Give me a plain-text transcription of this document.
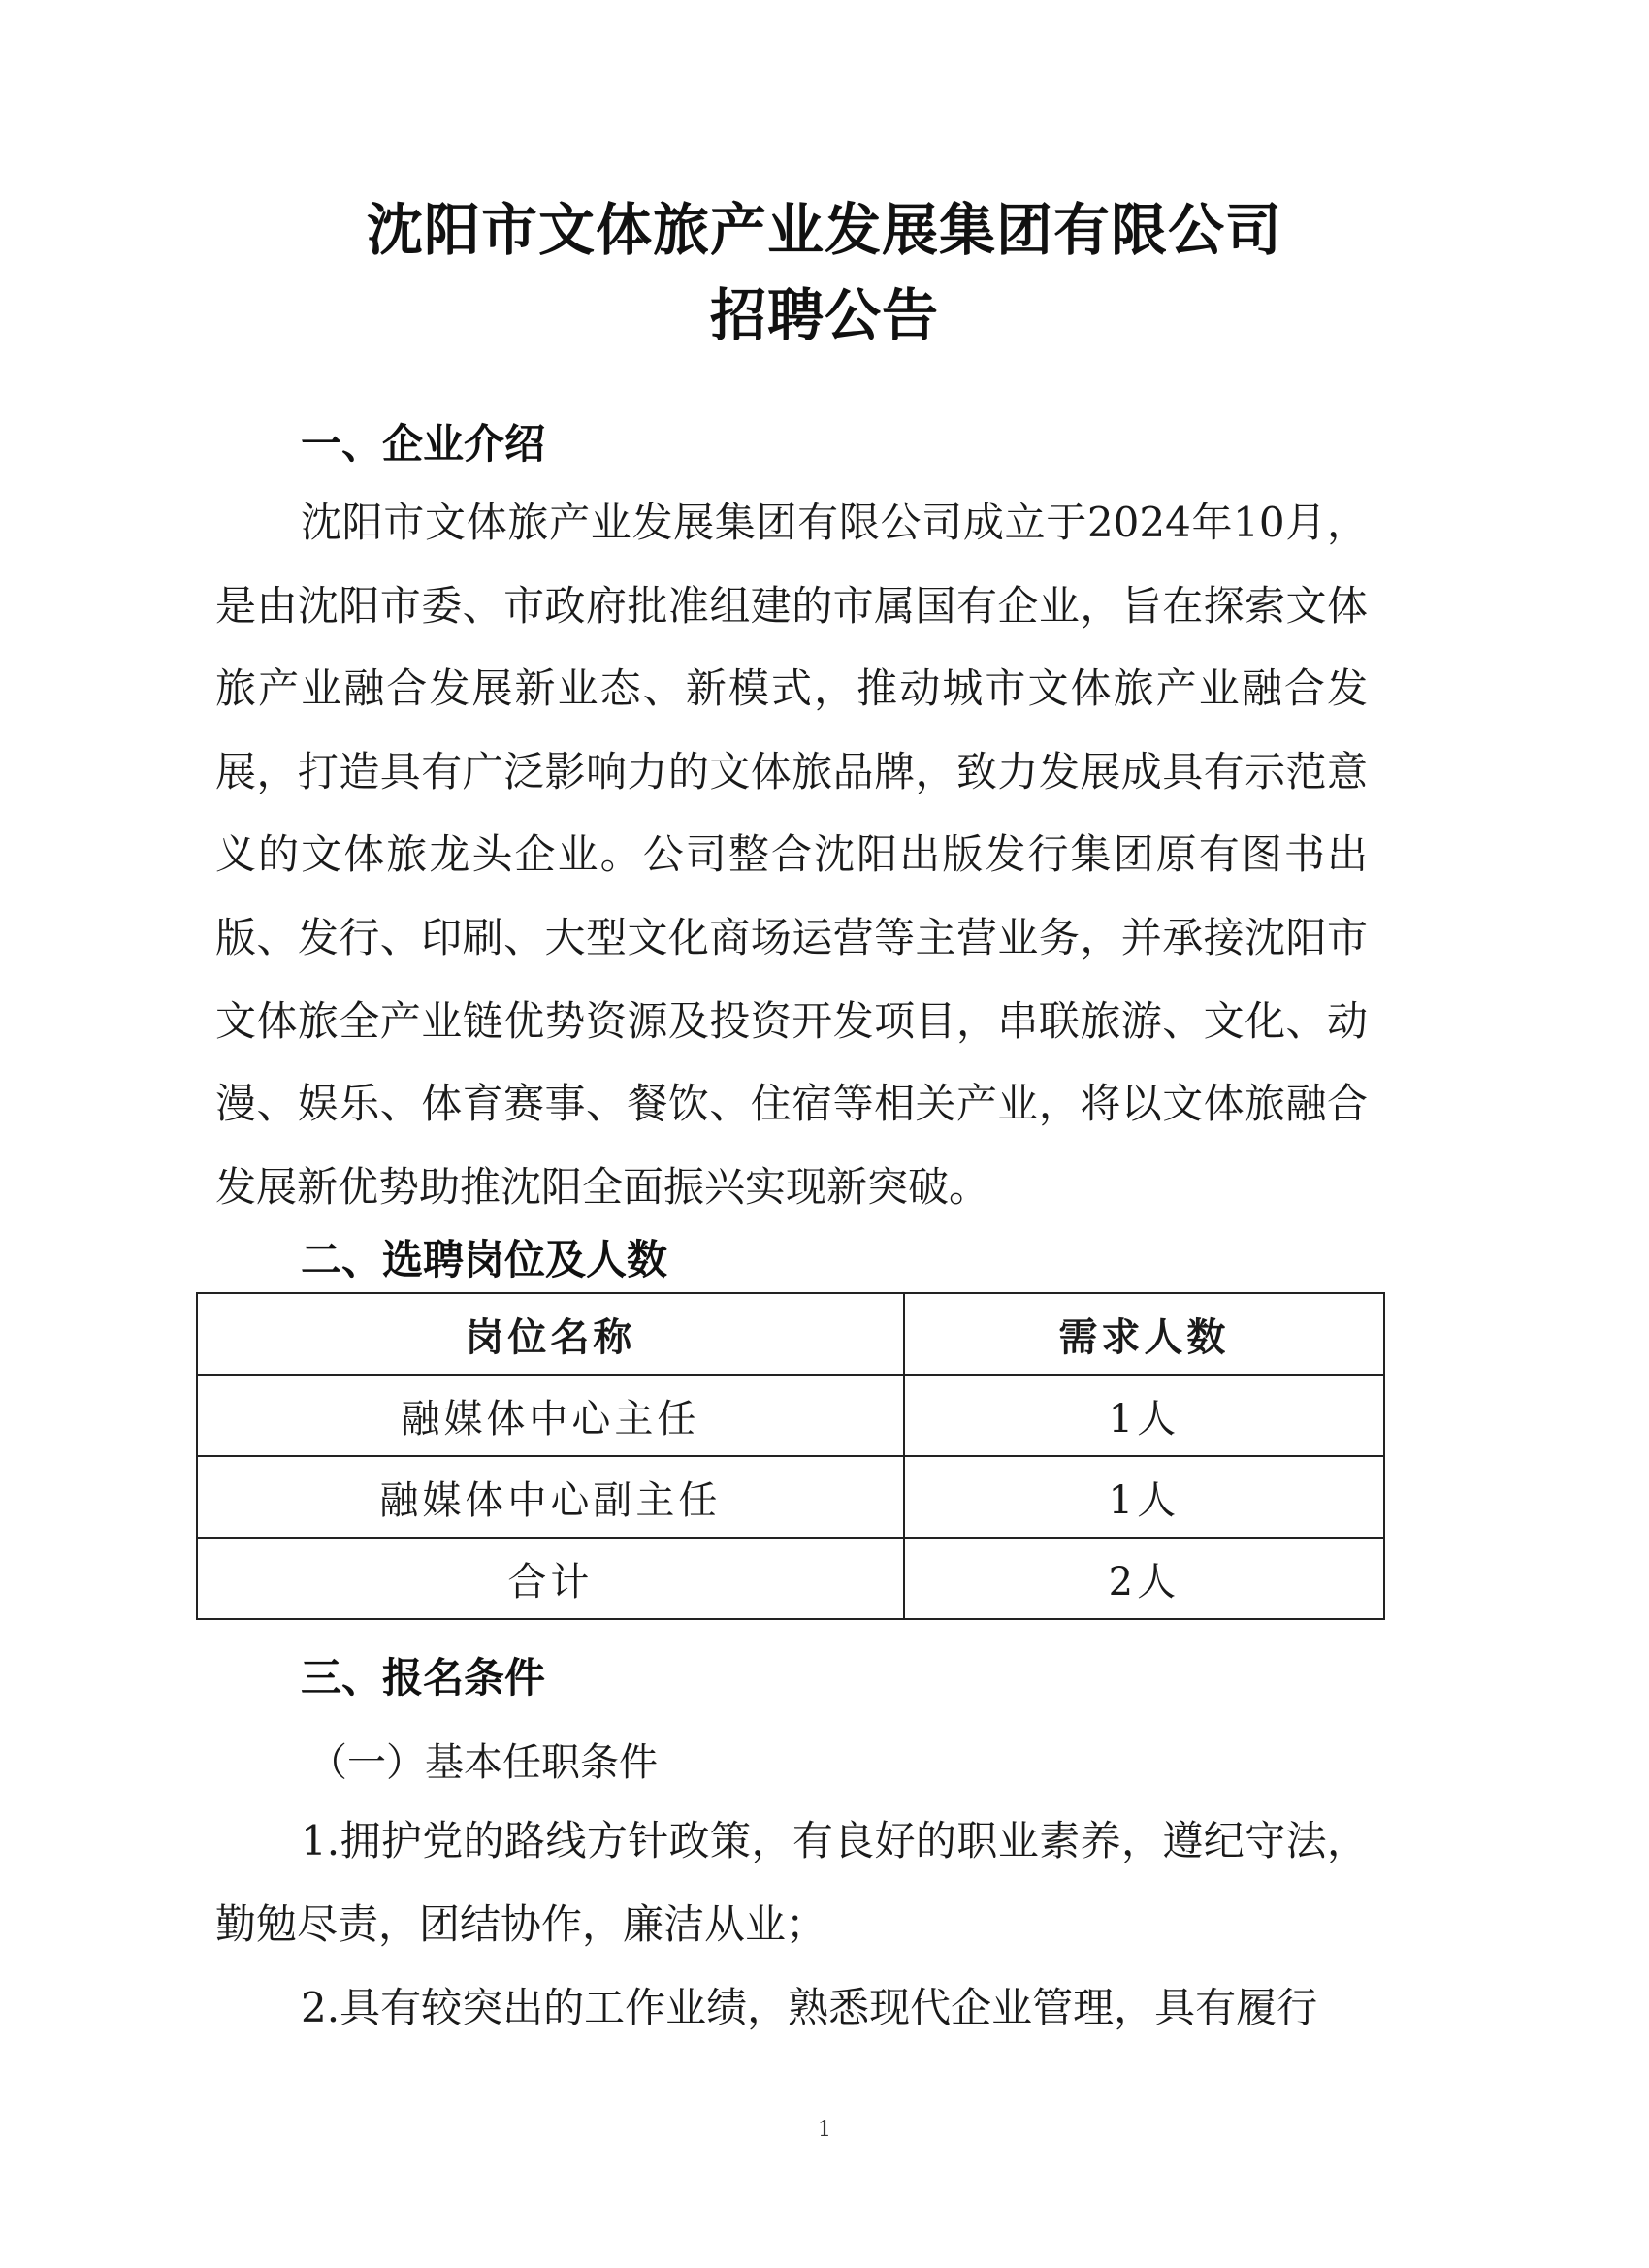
沈阳市文体旅产业发展集团有限公司
招聘公告
一、企业介绍
沈阳市文体旅产业发展集团有限公司成立于2024年10月，是由沈阳市委、市政府批准组建的市属国有企业，旨在探索文体旅产业融合发展新业态、新模式，推动城市文体旅产业融合发展，打造具有广泛影响力的文体旅品牌，致力发展成具有示范意义的文体旅龙头企业。公司整合沈阳出版发行集团原有图书出版、发行、印刷、大型文化商场运营等主营业务，并承接沈阳市文体旅全产业链优势资源及投资开发项目，串联旅游、文化、动漫、娱乐、体育赛事、餐饮、住宿等相关产业，将以文体旅融合发展新优势助推沈阳全面振兴实现新突破。
二、选聘岗位及人数
岗位名称	需求人数
融媒体中心主任	1人
融媒体中心副主任	1人
合计	2人
三、报名条件
（一）基本任职条件
1.拥护党的路线方针政策，有良好的职业素养，遵纪守法，勤勉尽责，团结协作，廉洁从业；
2.具有较突出的工作业绩，熟悉现代企业管理，具有履行
1
